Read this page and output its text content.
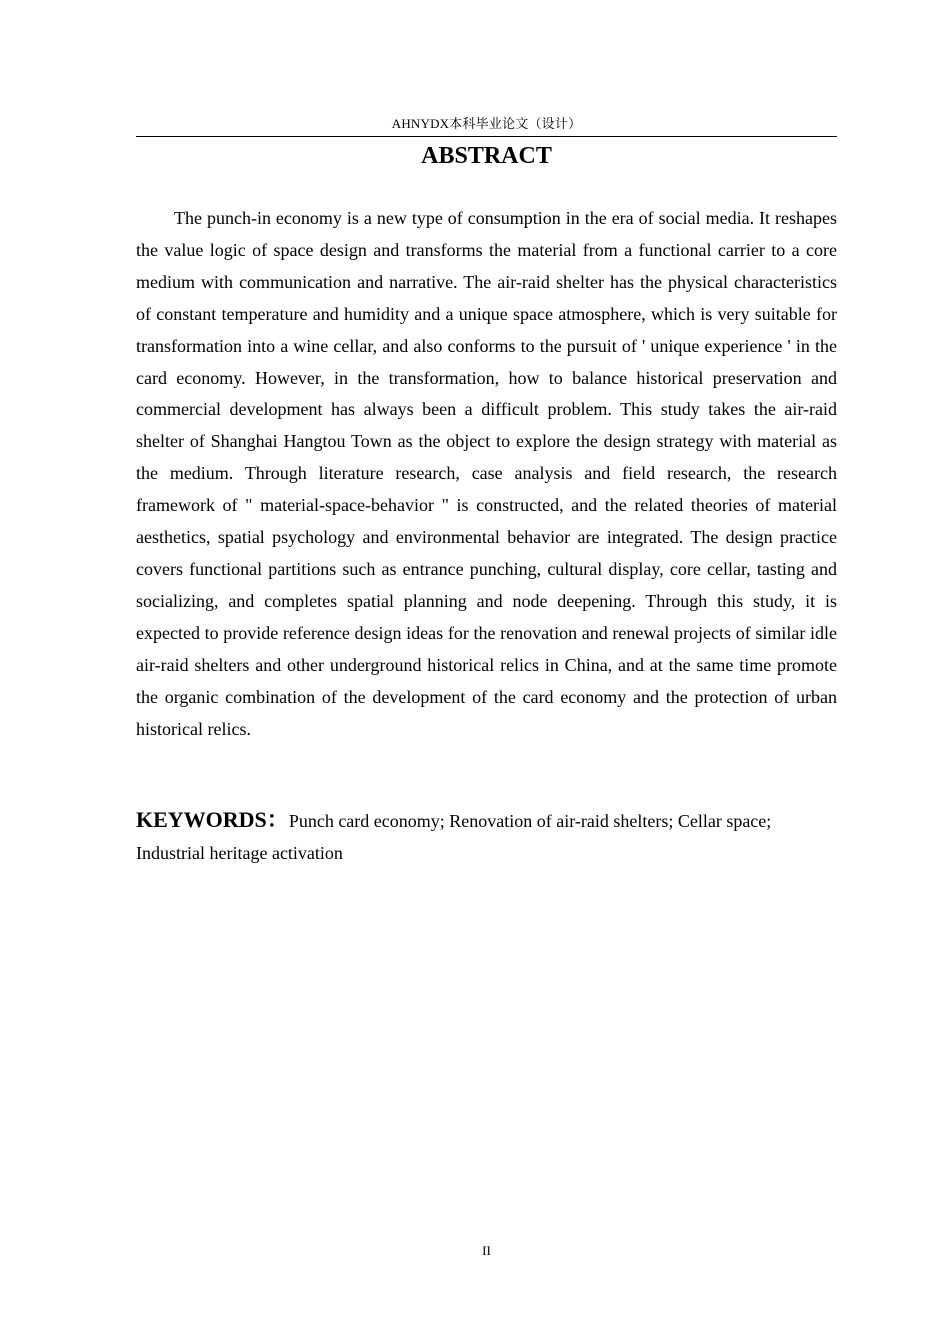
AHNYDX本科毕业论文（设计）
ABSTRACT

The punch-in economy is a new type of consumption in the era of social media. It reshapes the value logic of space design and transforms the material from a functional carrier to a core medium with communication and narrative. The air-raid shelter has the physical characteristics of constant temperature and humidity and a unique space atmosphere, which is very suitable for transformation into a wine cellar, and also conforms to the pursuit of ' unique experience ' in the card economy. However, in the transformation, how to balance historical preservation and commercial development has always been a difficult problem. This study takes the air-raid shelter of Shanghai Hangtou Town as the object to explore the design strategy with material as the medium. Through literature research, case analysis and field research, the research framework of " material-space-behavior " is constructed, and the related theories of material aesthetics, spatial psychology and environmental behavior are integrated. The design practice covers functional partitions such as entrance punching, cultural display, core cellar, tasting and socializing, and completes spatial planning and node deepening. Through this study, it is expected to provide reference design ideas for the renovation and renewal projects of similar idle air-raid shelters and other underground historical relics in China, and at the same time promote the organic combination of the development of the card economy and the protection of urban historical relics.

KEYWORDS：Punch card economy; Renovation of air-raid shelters; Cellar space; Industrial heritage activation

II
